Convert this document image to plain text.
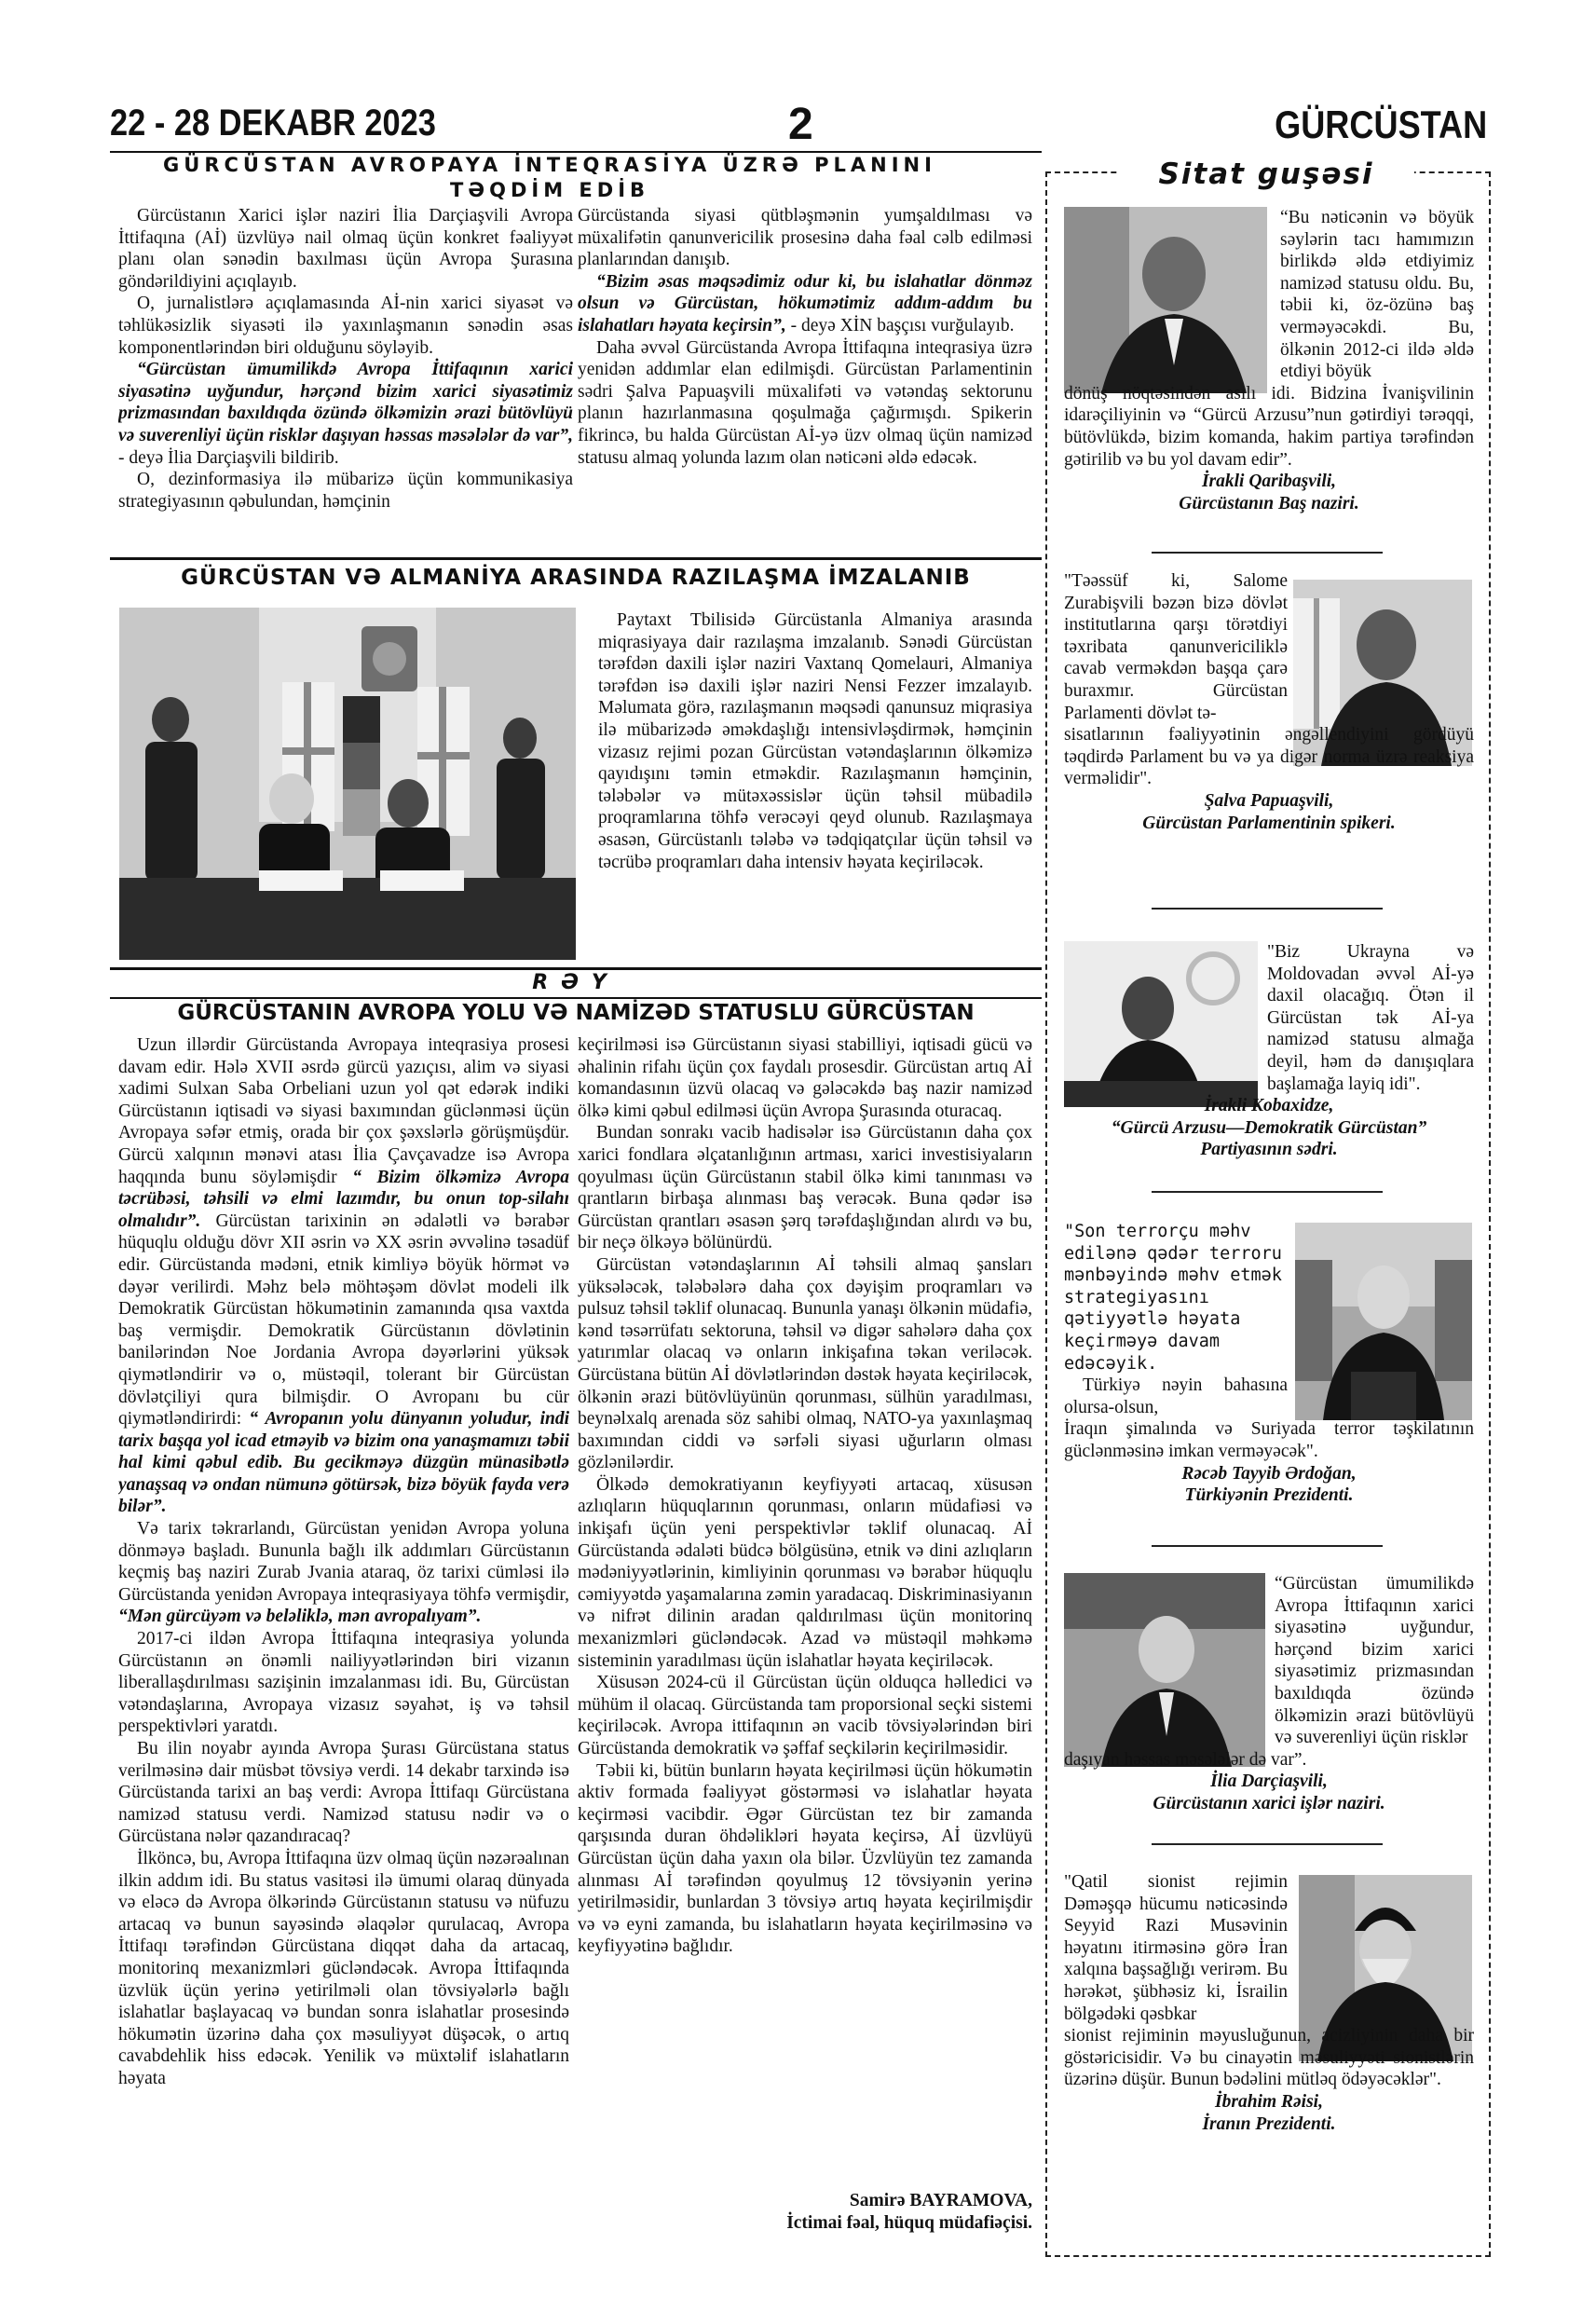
22 - 28 DEKABR 2023	2	GÜRCÜSTAN
GÜRCÜSTAN AVROPAYA İNTEQRASİYA ÜZRƏ PLANINI TƏQDİM EDİB

Gürcüstanın Xarici işlər naziri İlia Darçiaşvili Avropa İttifaqına (Aİ) üzvlüyə nail olmaq üçün konkret fəaliyyət planı olan sənədin baxılması üçün Avropa Şurasına göndərildiyini açıqlayıb.

O, jurnalistlərə açıqlamasında Aİ-nin xarici siyasət və təhlükəsizlik siyasəti ilə yaxınlaşmanın sənədin əsas komponentlərindən biri olduğunu söyləyib.

“Gürcüstan ümumilikdə Avropa İttifaqının xarici siyasətinə uyğundur, hərçənd bizim xarici siyasətimiz prizmasından baxıldıqda özündə ölkəmizin ərazi bütövlüyü və suverenliyi üçün risklər daşıyan həssas məsələlər də var”, - deyə İlia Darçiaşvili bildirib.

O, dezinformasiya ilə mübarizə üçün kommunikasiya strategiyasının qəbulundan, həmçinin

Gürcüstanda siyasi qütbləşmənin yumşaldılması və müxalifətin qanunvericilik prosesinə daha fəal cəlb edilməsi planlarından danışıb.

“Bizim əsas məqsədimiz odur ki, bu islahatlar dönməz olsun və Gürcüstan, hökumətimiz addım-addım bu islahatları həyata keçirsin”, - deyə XİN başçısı vurğulayıb.

Daha əvvəl Gürcüstanda Avropa İttifaqına inteqrasiya üzrə yenidən addımlar elan edilmişdi. Gürcüstan Parlamentinin sədri Şalva Papuaşvili müxalifəti və vətəndaş sektorunu planın hazırlanmasına qoşulmağa çağırmışdı. Spikerin fikrincə, bu halda Gürcüstan Aİ-yə üzv olmaq üçün namizəd statusu almaq yolunda lazım olan nəticəni əldə edəcək.

GÜRCÜSTAN VƏ ALMANİYA ARASINDA RAZILAŞMA İMZALANIB

Paytaxt Tbilisidə Gürcüstanla Almaniya arasında miqrasiyaya dair razılaşma imzalanıb. Sənədi Gürcüstan tərəfdən daxili işlər naziri Vaxtanq Qomelauri, Almaniya tərəfdən isə daxili işlər naziri Nensi Fezzer imzalayıb. Məlumata görə, razılaşmanın məqsədi qanunsuz miqrasiya ilə mübarizədə əməkdaşlığı intensivləşdirmək, həmçinin vizasız rejimi pozan Gürcüstan vətəndaşlarının ölkəmizə qayıdışını təmin etməkdir. Razılaşmanın həmçinin, tələbələr və mütəxəssislər üçün təhsil mübadilə proqramlarına töhfə verəcəyi qeyd olunub. Razılaşmaya əsasən, Gürcüstanlı tələbə və tədqiqatçılar üçün təhsil və təcrübə proqramları daha intensiv həyata keçiriləcək.

RƏY
GÜRCÜSTANIN AVROPA YOLU VƏ NAMİZƏD STATUSLU GÜRCÜSTAN

Uzun illərdir Gürcüstanda Avropaya inteqrasiya prosesi davam edir. Hələ XVII əsrdə gürcü yazıçısı, alim və siyasi xadimi Sulxan Saba Orbeliani uzun yol qət edərək indiki Gürcüstanın iqtisadi və siyasi baxımından güclənməsi üçün Avropaya səfər etmiş, orada bir çox şəxslərlə görüşmüşdür. Gürcü xalqının mənəvi atası İlia Çavçavadze isə Avropa haqqında bunu söyləmişdir “ Bizim ölkəmizə Avropa təcrübəsi, təhsili və elmi lazımdır, bu onun top-silahı olmalıdır”. Gürcüstan tarixinin ən ədalətli və bərabər hüquqlu olduğu dövr XII əsrin və XX əsrin əvvəlinə təsadüf edir. Gürcüstanda mədəni, etnik kimliyə böyük hörmət və dəyər verilirdi. Məhz belə möhtəşəm dövlət modeli ilk Demokratik Gürcüstan hökumətinin zamanında qısa vaxtda baş vermişdir. Demokratik Gürcüstanın dövlətinin banilərindən Noe Jordania Avropa dəyərlərini yüksək qiymətləndirir və o, müstəqil, tolerant bir Gürcüstan dövlətçiliyi qura bilmişdir. O Avropanı bu cür qiymətləndirirdi: “ Avropanın yolu dünyanın yoludur, indi tarix başqa yol icad etməyib və bizim ona yanaşmamızı təbii hal kimi qəbul edib. Bu gecikməyə düzgün münasibətlə yanaşsaq və ondan nümunə götürsək, bizə böyük fayda verə bilər”.

Və tarix təkrarlandı, Gürcüstan yenidən Avropa yoluna dönməyə başladı. Bununla bağlı ilk addımları Gürcüstanın keçmiş baş naziri Zurab Jvania ataraq, öz tarixi cümləsi ilə Gürcüstanda yenidən Avropaya inteqrasiyaya töhfə vermişdir, “Mən gürcüyəm və beləliklə, mən avropalıyam”.

2017-ci ildən Avropa İttifaqına inteqrasiya yolunda Gürcüstanın ən önəmli nailiyyətlərindən biri vizanın liberallaşdırılması sazişinin imzalanması idi. Bu, Gürcüstan vətəndaşlarına, Avropaya vizasız səyahət, iş və təhsil perspektivləri yaratdı.

Bu ilin noyabr ayında Avropa Şurası Gürcüstana status verilməsinə dair müsbət tövsiyə verdi. 14 dekabr tarxində isə Gürcüstanda tarixi an baş verdi: Avropa İttifaqı Gürcüstana namizəd statusu verdi. Namizəd statusu nədir və o Gürcüstana nələr qazandıracaq?

İlköncə, bu, Avropa İttifaqına üzv olmaq üçün nəzərəalınan ilkin addım idi. Bu status vasitəsi ilə ümumi olaraq dünyada və eləcə də Avropa ölkərində Gürcüstanın statusu və nüfuzu artacaq və bunun sayəsində əlaqələr qurulacaq, Avropa İttifaqı tərəfindən Gürcüstana diqqət daha da artacaq, monitorinq mexanizmləri gücləndəcək. Avropa İttifaqında üzvlük üçün yerinə yetirilməli olan tövsiyələrlə bağlı islahatlar başlayacaq və bundan sonra islahatlar prosesində hökumətin üzərinə daha çox məsuliyyət düşəcək, o artıq cavabdehlik hiss edəcək. Yenilik və müxtəlif islahatların həyata

keçirilməsi isə Gürcüstanın siyasi stabilliyi, iqtisadi gücü və əhalinin rifahı üçün çox faydalı prosesdir. Gürcüstan artıq Aİ komandasının üzvü olacaq və gələcəkdə baş nazir namizəd ölkə kimi qəbul edilməsi üçün Avropa Şurasında oturacaq.

Bundan sonrakı vacib hadisələr isə Gürcüstanın daha çox xarici fondlara əlçatanlığının artması, xarici investisiyaların qoyulması üçün Gürcüstanın stabil ölkə kimi tanınması və qrantların birbaşa alınması baş verəcək. Buna qədər isə Gürcüstan qrantları əsasən şərq tərəfdaşlığından alırdı və bu, bir neçə ölkəyə bölünürdü.

Gürcüstan vətəndaşlarının Aİ təhsili almaq şansları yüksələcək, tələbələrə daha çox dəyişim proqramları və pulsuz təhsil təklif olunacaq. Bununla yanaşı ölkənin müdafiə, kənd təsərrüfatı sektoruna, təhsil və digər sahələrə daha çox yatırımlar olacaq və onların inkişafına təkan veriləcək. Gürcüstana bütün Aİ dövlətlərindən dəstək həyata keçiriləcək, ölkənin ərazi bütövlüyünün qorunması, sülhün yaradılması, beynəlxalq arenada söz sahibi olmaq, NATO-ya yaxınlaşmaq baxımından ciddi və sərfəli siyasi uğurların olması gözlənilərdir.

Ölkədə demokratiyanın keyfiyyəti artacaq, xüsusən azlıqların hüquqlarının qorunması, onların müdafiəsi və inkişafı üçün yeni perspektivlər təklif olunacaq. Aİ Gürcüstanda ədaləti büdcə bölgüsünə, etnik və dini azlıqların mədəniyyətlərinin, kimliyinin qorunması və bərabər hüquqlu cəmiyyətdə yaşamalarına zəmin yaradacaq. Diskriminasiyanın və nifrət dilinin aradan qaldırılması üçün monitorinq mexanizmləri gücləndəcək. Azad və müstəqil məhkəmə sisteminin yaradılması üçün islahatlar həyata keçiriləcək.

Xüsusən 2024-cü il Gürcüstan üçün olduqca həlledici və mühüm il olacaq. Gürcüstanda tam proporsional seçki sistemi keçiriləcək. Avropa ittifaqının ən vacib tövsiyələrindən biri Gürcüstanda demokratik və şəffaf seçkilərin keçirilməsidir.

Təbii ki, bütün bunların həyata keçirilməsi üçün hökumətin aktiv formada fəaliyyət göstərməsi və islahatlar həyata keçirməsi vacibdir. Əgər Gürcüstan tez bir zamanda qarşısında duran öhdəlikləri həyata keçirsə, Aİ üzvlüyü Gürcüstan üçün daha yaxın ola bilər. Üzvlüyün tez zamanda alınması Aİ tərəfindən qoyulmuş 12 tövsiyənin yerinə yetirilməsidir, bunlardan 3 tövsiyə artıq həyata keçirilmişdir və və eyni zamanda, bu islahatların həyata keçirilməsinə və keyfiyyətinə bağlıdır.

Samirə BAYRAMOVA,
İctimai fəal, hüquq müdafiəçisi.
Sitat guşəsi
“Bu nəticənin və böyük səylərin tacı hamımızın birlikdə əldə etdiyimiz namizəd statusu oldu. Bu, təbii ki, öz-özünə baş verməyəcəkdi. Bu, ölkənin 2012-ci ildə əldə etdiyi böyük
dönüş nöqtəsindən asılı idi. Bidzina İvanişvilinin idarəçiliyinin və “Gürcü Arzusu”nun gətirdiyi tərəqqi, bütövlükdə, bizim komanda, hakim partiya tərəfindən gətirilib və bu yol davam edir”.
İrakli Qaribaşvili,
Gürcüstanın Baş naziri.
"Təəssüf ki, Salome Zurabişvili bəzən bizə dövlət institutlarına qarşı törətdiyi təxribata qanunvericiliklə cavab verməkdən başqa çarə buraxmır. Gürcüstan Parlamenti dövlət tə-
sisatlarının fəaliyyətinin əngəllendiyini gördüyü təqdirdə Parlament bu və ya digər norma üzrə reaksiya verməlidir".
Şalva Papuaşvili,
Gürcüstan Parlamentinin spikeri.
"Biz Ukrayna və Moldovadan əvvəl Aİ-yə daxil olacağıq. Ötən il Gürcüstan tək Aİ-ya namizəd statusu almağa deyil, həm də danışıqlara başlamağa layiq idi".
İrakli Kobaxidze,
“Gürcü Arzusu—Demokratik Gürcüstan” Partiyasının sədri.
"Son terrorçu məhv edilənə qədər terroru mənbəyində məhv etmək strategiyasını qətiyyətlə həyata keçirməyə davam edəcəyik.
Türkiyə nəyin bahasına olursa-olsun,
İraqın şimalında və Suriyada terror təşkilatının güclənməsinə imkan verməyəcək".
Rəcəb Tayyib Ərdoğan,
Türkiyənin Prezidenti.
“Gürcüstan ümumilikdə Avropa İttifaqının xarici siyasətinə uyğundur, hərçənd bizim xarici siyasətimiz prizmasından baxıldıqda özündə ölkəmizin ərazi bütövlüyü və suverenliyi üçün risklər
daşıyan həssas məsələlər də var”.
İlia Darçiaşvili,
Gürcüstanın xarici işlər naziri.
"Qatil sionist rejimin Dəməşqə hücumu nəticəsində Seyyid Razi Musəvinin həyatını itirməsinə görə İran xalqına başsağlığı verirəm. Bu hərəkət, şübhəsiz ki, İsrailin bölgədəki qəsbkar
sionist rejiminin məyusluğunun, acizliyinin daha bir göstəricisidir. Və bu cinayətin məsuliyyəti sionistlərin üzərinə düşür. Bunun bədəlini mütləq ödəyəcəklər".
İbrahim Rəisi,
İranın Prezidenti.
